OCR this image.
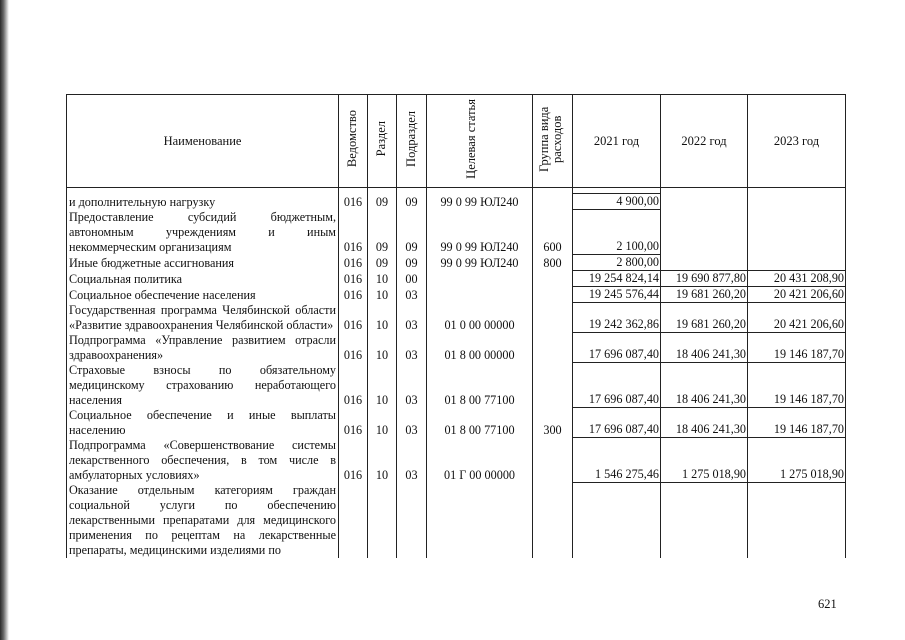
Наименование	Ведомство	Раздел	Подраздел	Целевая статья	Группа вида расходов	2021 год	2022 год	2023 год

и дополнительную нагрузку	016	09	09	99 0 99 ЮЛ240		4 900,00		
Предоставление субсидий бюджетным, автономным учреждениям и иным некоммерческим организациям	016	09	09	99 0 99 ЮЛ240	600	2 100,00		
Иные бюджетные ассигнования	016	09	09	99 0 99 ЮЛ240	800	2 800,00		
Социальная политика	016	10	00			19 254 824,14	19 690 877,80	20 431 208,90
Социальное обеспечение населения	016	10	03			19 245 576,44	19 681 260,20	20 421 206,60
Государственная программа Челябинской области «Развитие здравоохранения Челябинской области»	016	10	03	01 0 00 00000		19 242 362,86	19 681 260,20	20 421 206,60
Подпрограмма «Управление развитием отрасли здравоохранения»	016	10	03	01 8 00 00000		17 696 087,40	18 406 241,30	19 146 187,70
Страховые взносы по обязательному медицинскому страхованию неработающего населения	016	10	03	01 8 00 77100		17 696 087,40	18 406 241,30	19 146 187,70
Социальное обеспечение и иные выплаты населению	016	10	03	01 8 00 77100	300	17 696 087,40	18 406 241,30	19 146 187,70
Подпрограмма «Совершенствование системы лекарственного обеспечения, в том числе в амбулаторных условиях»	016	10	03	01 Г 00 00000		1 546 275,46	1 275 018,90	1 275 018,90
Оказание отдельным категориям граждан социальной услуги по обеспечению лекарственными препаратами для медицинского применения по рецептам на лекарственные препараты, медицинскими изделиями по								
621
